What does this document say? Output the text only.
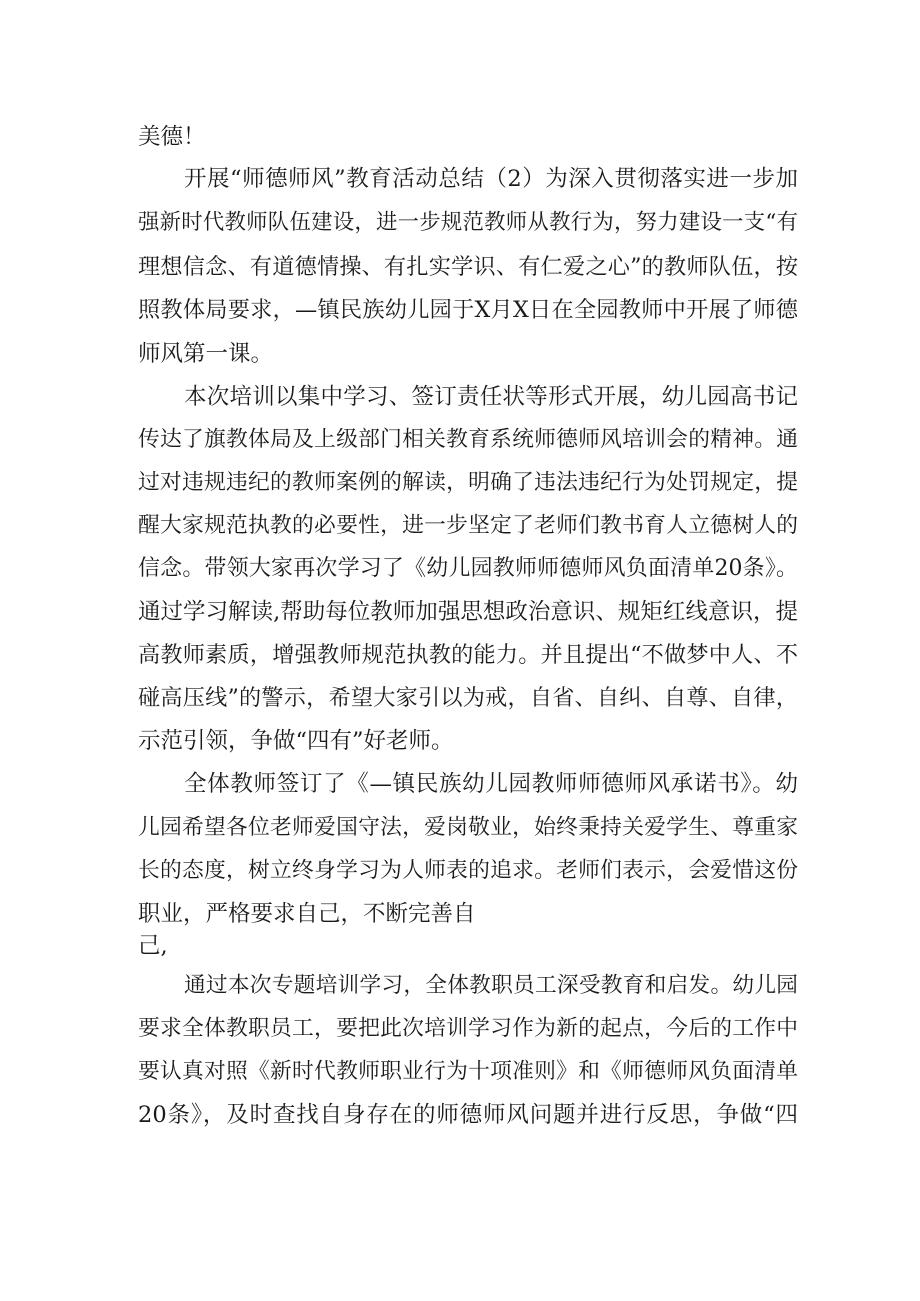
美德！
开展“师德师风”教育活动总结（2）为深入贯彻落实进一步加
强新时代教师队伍建设，进一步规范教师从教行为，努力建设一支“有
理想信念、有道德情操、有扎实学识、有仁爱之心”的教师队伍，按
照教体局要求，—镇民族幼儿园于X月X日在全园教师中开展了师德
师风第一课。
本次培训以集中学习、签订责任状等形式开展，幼儿园高书记
传达了旗教体局及上级部门相关教育系统师德师风培训会的精神。通
过对违规违纪的教师案例的解读，明确了违法违纪行为处罚规定，提
醒大家规范执教的必要性，进一步坚定了老师们教书育人立德树人的
信念。带领大家再次学习了《幼儿园教师师德师风负面清单20条》。
通过学习解读,帮助每位教师加强思想政治意识、规矩红线意识，提
高教师素质，增强教师规范执教的能力。并且提出“不做梦中人、不
碰高压线”的警示，希望大家引以为戒，自省、自纠、自尊、自律，
示范引领，争做“四有”好老师。
全体教师签订了《—镇民族幼儿园教师师德师风承诺书》。幼
儿园希望各位老师爱国守法，爱岗敬业，始终秉持关爱学生、尊重家
长的态度，树立终身学习为人师表的追求。老师们表示，会爱惜这份
职业，严格要求自己，不断完善自
己,
通过本次专题培训学习，全体教职员工深受教育和启发。幼儿园
要求全体教职员工，要把此次培训学习作为新的起点，今后的工作中
要认真对照《新时代教师职业行为十项准则》和《师德师风负面清单
20条》，及时查找自身存在的师德师风问题并进行反思，争做“四
